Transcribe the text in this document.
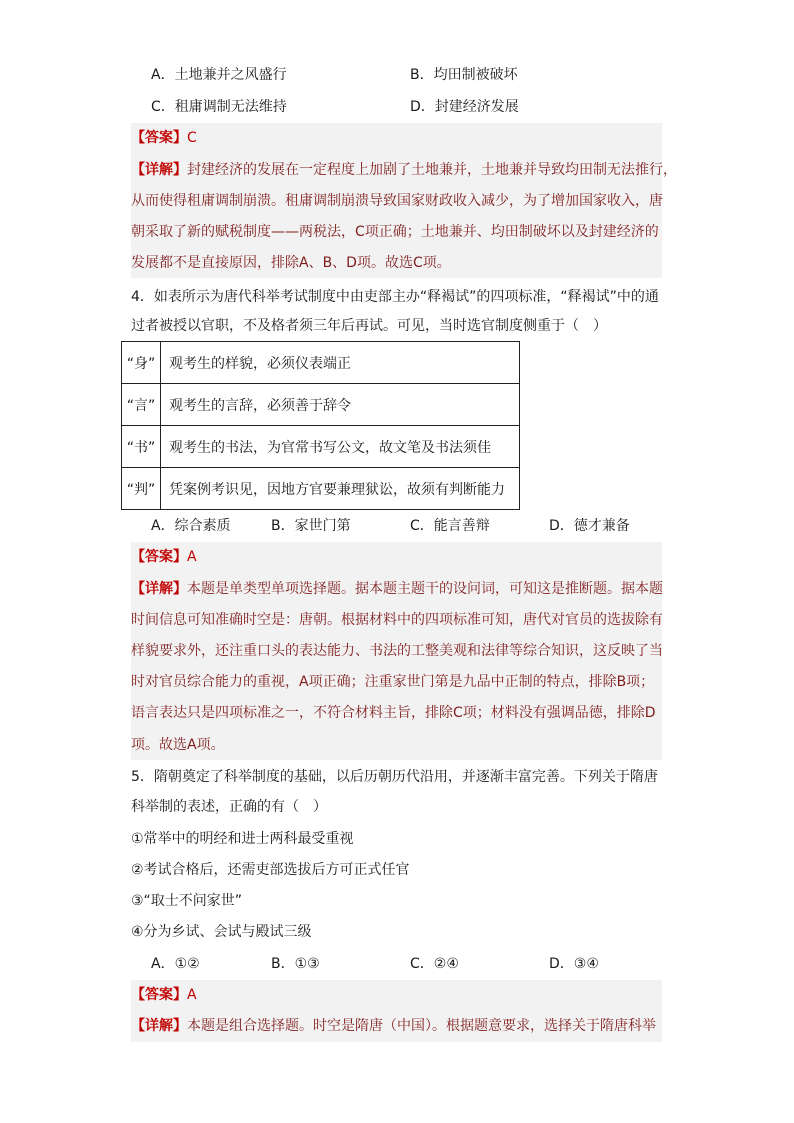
A．土地兼并之风盛行	B．均田制被破坏
C．租庸调制无法维持	D．封建经济发展
【答案】C
【详解】封建经济的发展在一定程度上加剧了土地兼并，土地兼并导致均田制无法推行，
从而使得租庸调制崩溃。租庸调制崩溃导致国家财政收入减少，为了增加国家收入，唐
朝采取了新的赋税制度——两税法，C项正确；土地兼并、均田制破坏以及封建经济的
发展都不是直接原因，排除A、B、D项。故选C项。
4．如表所示为唐代科举考试制度中由吏部主办“释褐试”的四项标准，“释褐试”中的通
过者被授以官职，不及格者须三年后再试。可见，当时选官制度侧重于（　）
“身”	观考生的样貌，必须仪表端正
“言”	观考生的言辞，必须善于辞令
“书”	观考生的书法，为官常书写公文，故文笔及书法须佳
“判”	凭案例考识见，因地方官要兼理狱讼，故须有判断能力
A．综合素质	B．家世门第	C．能言善辩	D．德才兼备
【答案】A
【详解】本题是单类型单项选择题。据本题主题干的设问词，可知这是推断题。据本题
时间信息可知准确时空是：唐朝。根据材料中的四项标准可知，唐代对官员的选拔除有
样貌要求外，还注重口头的表达能力、书法的工整美观和法律等综合知识，这反映了当
时对官员综合能力的重视，A项正确；注重家世门第是九品中正制的特点，排除B项；
语言表达只是四项标准之一，不符合材料主旨，排除C项；材料没有强调品德，排除D
项。故选A项。
5．隋朝奠定了科举制度的基础，以后历朝历代沿用，并逐渐丰富完善。下列关于隋唐
科举制的表述，正确的有（　）
①常举中的明经和进士两科最受重视
②考试合格后，还需吏部选拔后方可正式任官
③“取士不问家世”
④分为乡试、会试与殿试三级
A．①②	B．①③	C．②④	D．③④
【答案】A
【详解】本题是组合选择题。时空是隋唐（中国）。根据题意要求，选择关于隋唐科举
